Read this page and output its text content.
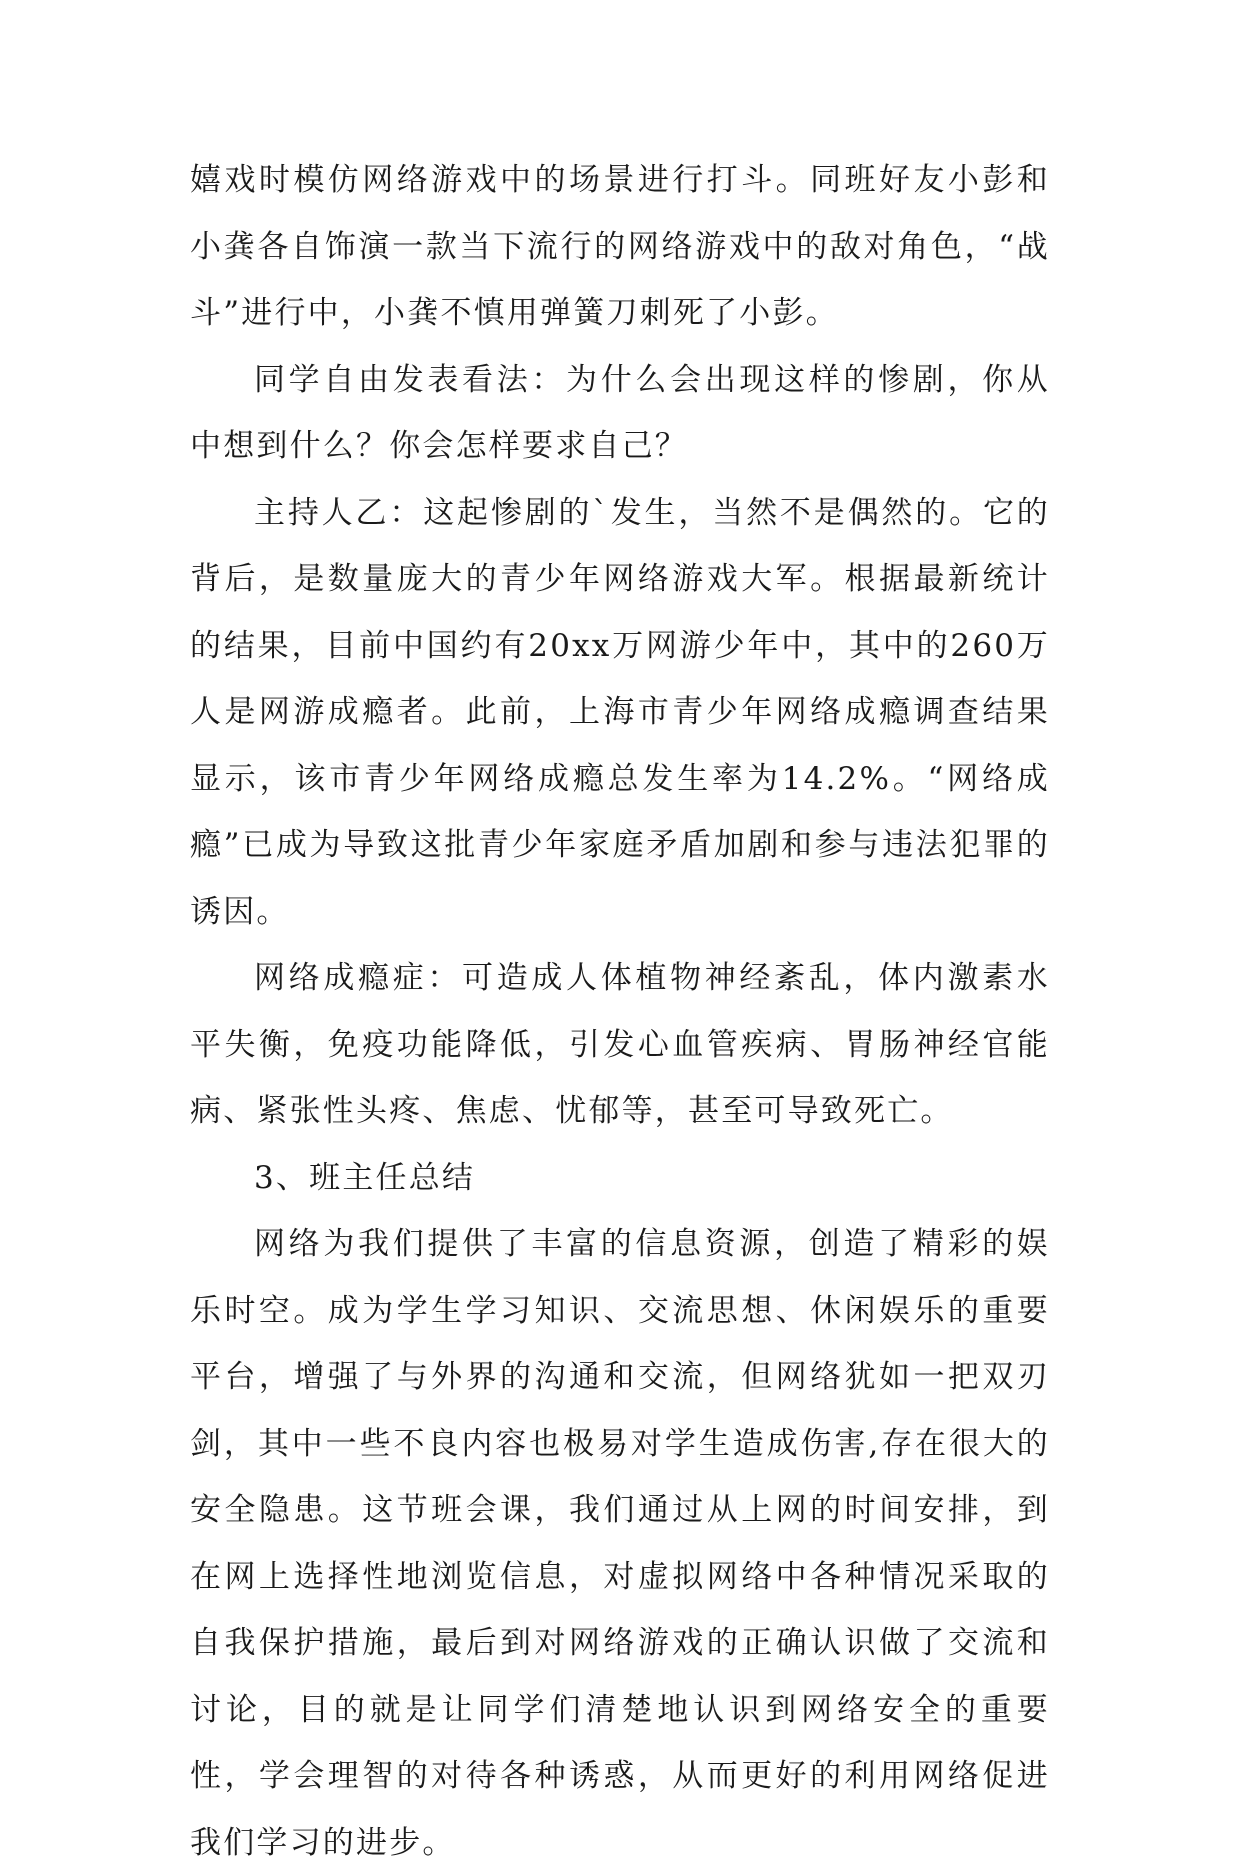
嬉戏时模仿网络游戏中的场景进行打斗。同班好友小彭和小龚各自饰演一款当下流行的网络游戏中的敌对角色，“战斗”进行中，小龚不慎用弹簧刀刺死了小彭。

同学自由发表看法：为什么会出现这样的惨剧，你从中想到什么？你会怎样要求自己？

主持人乙：这起惨剧的`发生，当然不是偶然的。它的背后，是数量庞大的青少年网络游戏大军。根据最新统计的结果，目前中国约有20xx万网游少年中，其中的260万人是网游成瘾者。此前，上海市青少年网络成瘾调查结果显示，该市青少年网络成瘾总发生率为14.2%。“网络成瘾”已成为导致这批青少年家庭矛盾加剧和参与违法犯罪的诱因。

网络成瘾症：可造成人体植物神经紊乱，体内激素水平失衡，免疫功能降低，引发心血管疾病、胃肠神经官能病、紧张性头疼、焦虑、忧郁等，甚至可导致死亡。

3、班主任总结

网络为我们提供了丰富的信息资源，创造了精彩的娱乐时空。成为学生学习知识、交流思想、休闲娱乐的重要平台，增强了与外界的沟通和交流，但网络犹如一把双刃剑，其中一些不良内容也极易对学生造成伤害,存在很大的安全隐患。这节班会课，我们通过从上网的时间安排，到在网上选择性地浏览信息，对虚拟网络中各种情况采取的自我保护措施，最后到对网络游戏的正确认识做了交流和讨论，目的就是让同学们清楚地认识到网络安全的重要性，学会理智的对待各种诱惑，从而更好的利用网络促进我们学习的进步。
